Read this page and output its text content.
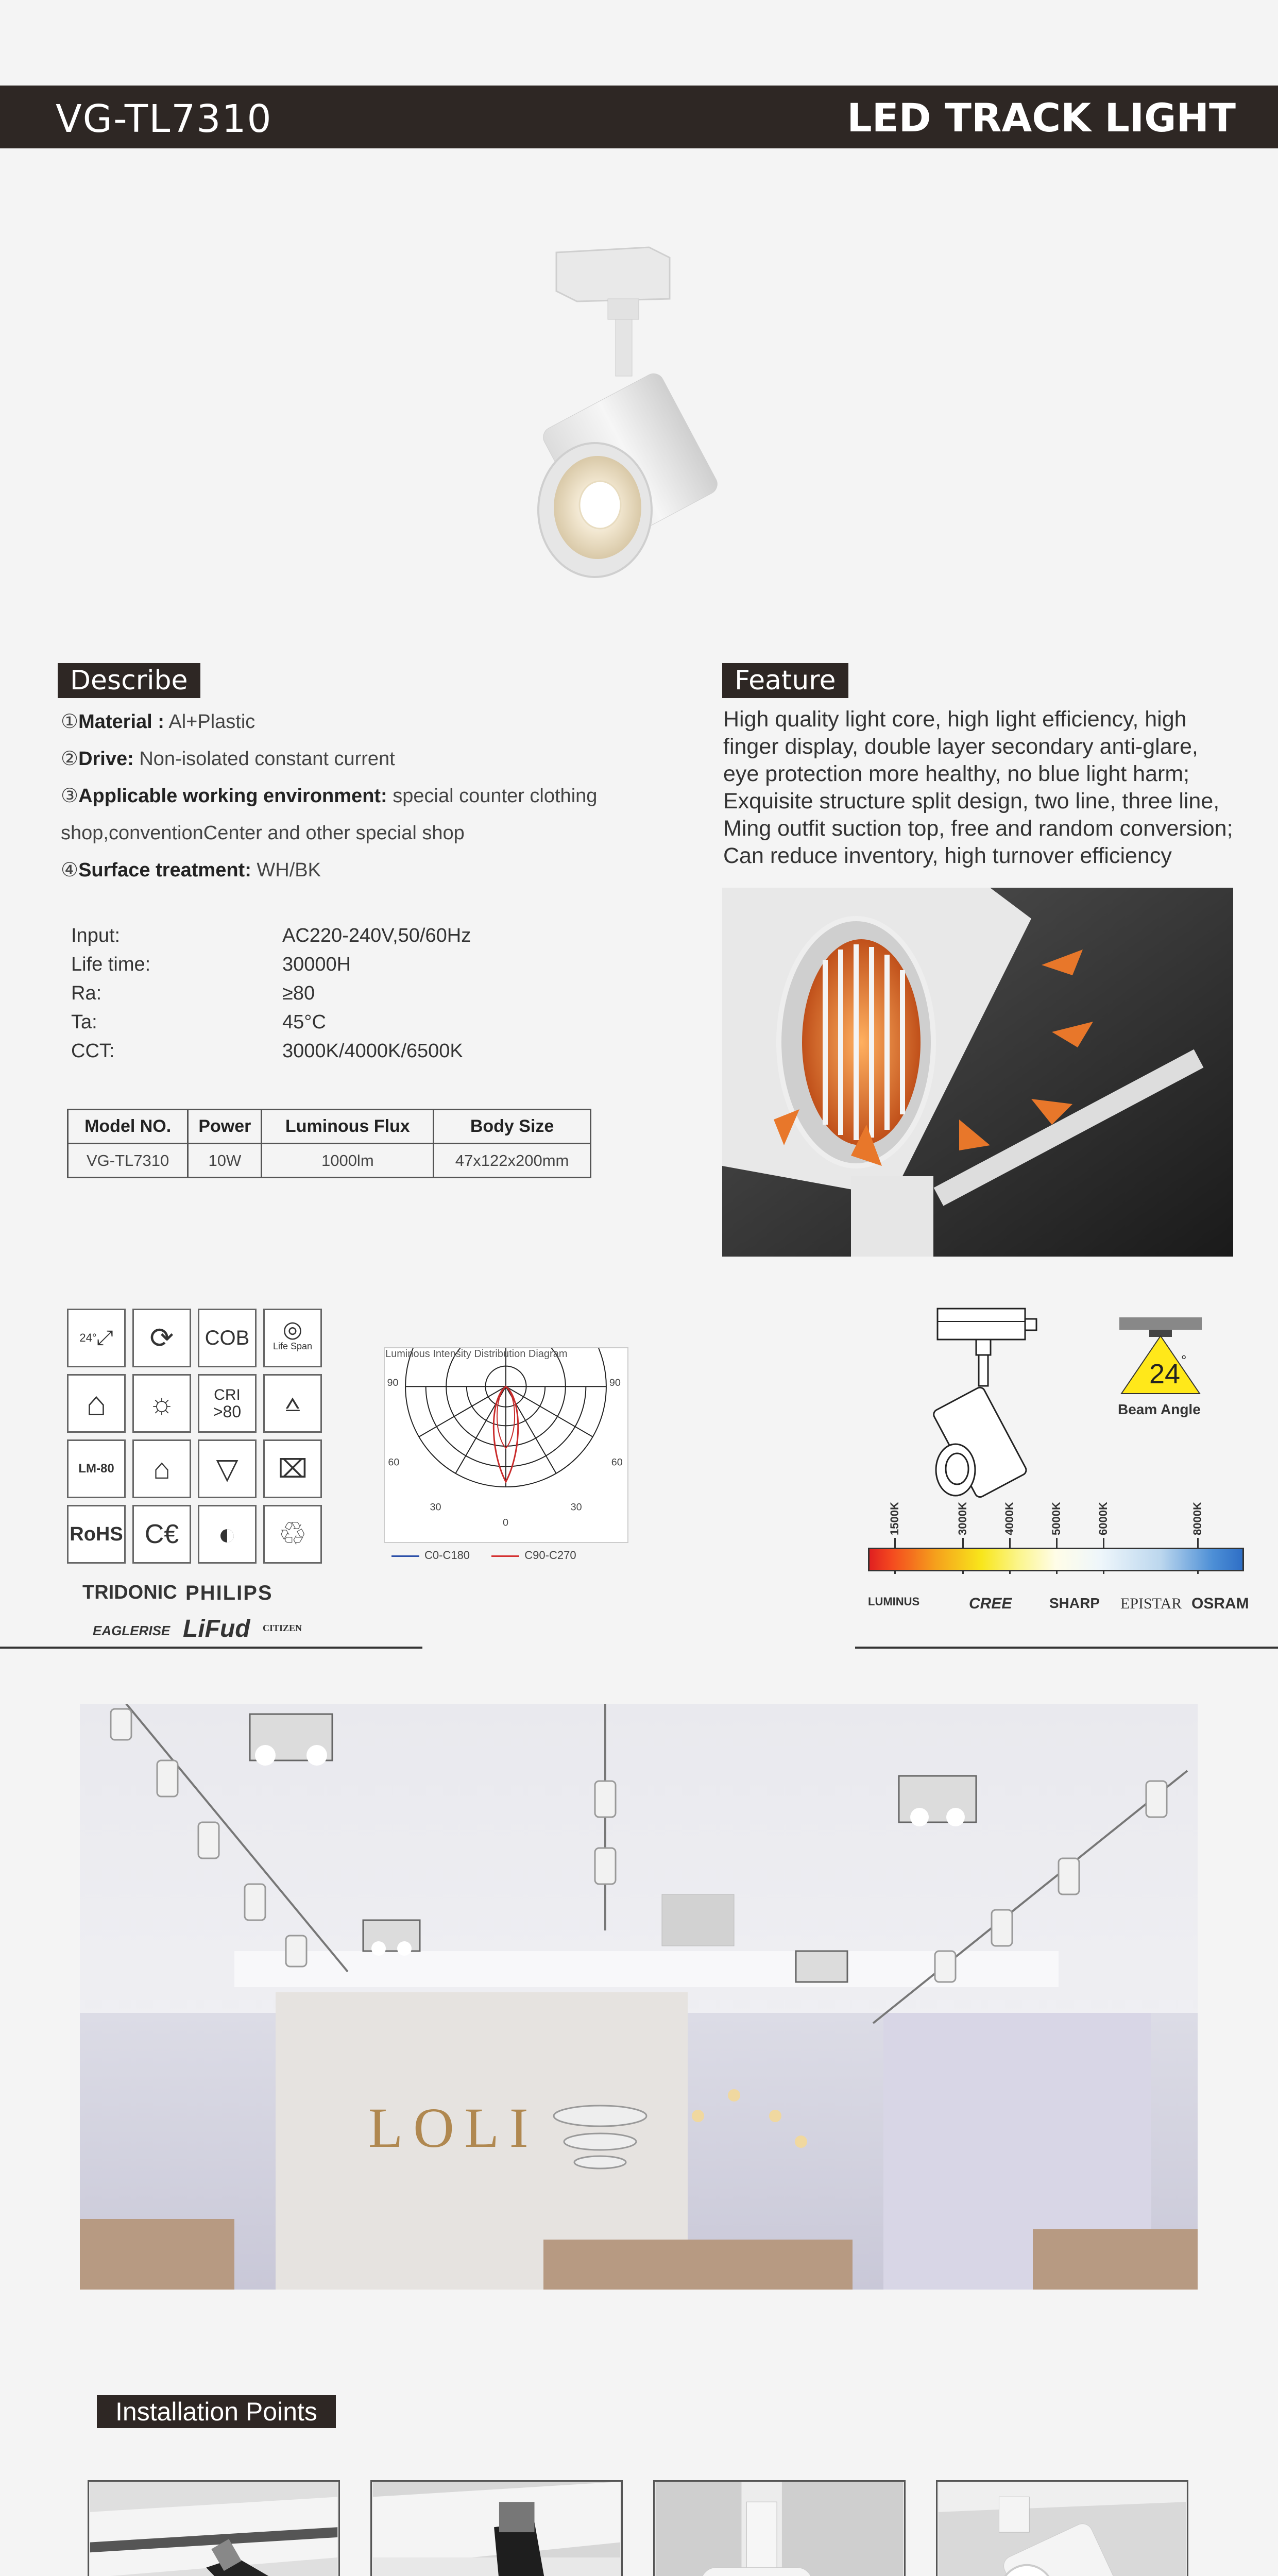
VG-TL7310	LED TRACK LIGHT
Describe
①Material : Al+Plastic
②Drive: Non-isolated constant current
③Applicable working environment: special counter clothing
shop,conventionCenter and other special shop
④Surface treatment: WH/BK
Feature
High quality light core, high light efficiency, high
finger display, double layer secondary anti-glare,
eye protection more healthy, no blue light harm;
Exquisite structure split design, two line, three line,
Ming outfit suction top, free and random conversion;
Can reduce inventory, high turnover efficiency
Input:	AC220-240V,50/60Hz
Life time:	30000H
Ra:	≥80
Ta:	45°C
CCT:	3000K/4000K/6500K
Model NO.	Power	Luminous Flux	Body Size
VG-TL7310	10W	1000lm	47x122x200mm
24° ⤢	⟳	COB	◎
Life Span
⌂	☼	CRI
>80	⩟
LM-80	⌂	▽	⌧
RoHS C€	◐	♲
TRIDONIC PHILIPS
EAGLERISE LiFud CITIZEN
90	90
60	60
30	30
0
Luminous Intensity Distribution Diagram
C0-C180	C90-C270
24 °
Beam Angle
1500K	3000K	4000K	5000K	6000K	8000K
LUMINUS	CREE	SHARP EPISTAR OSRAM
LOLI
Installation Points
